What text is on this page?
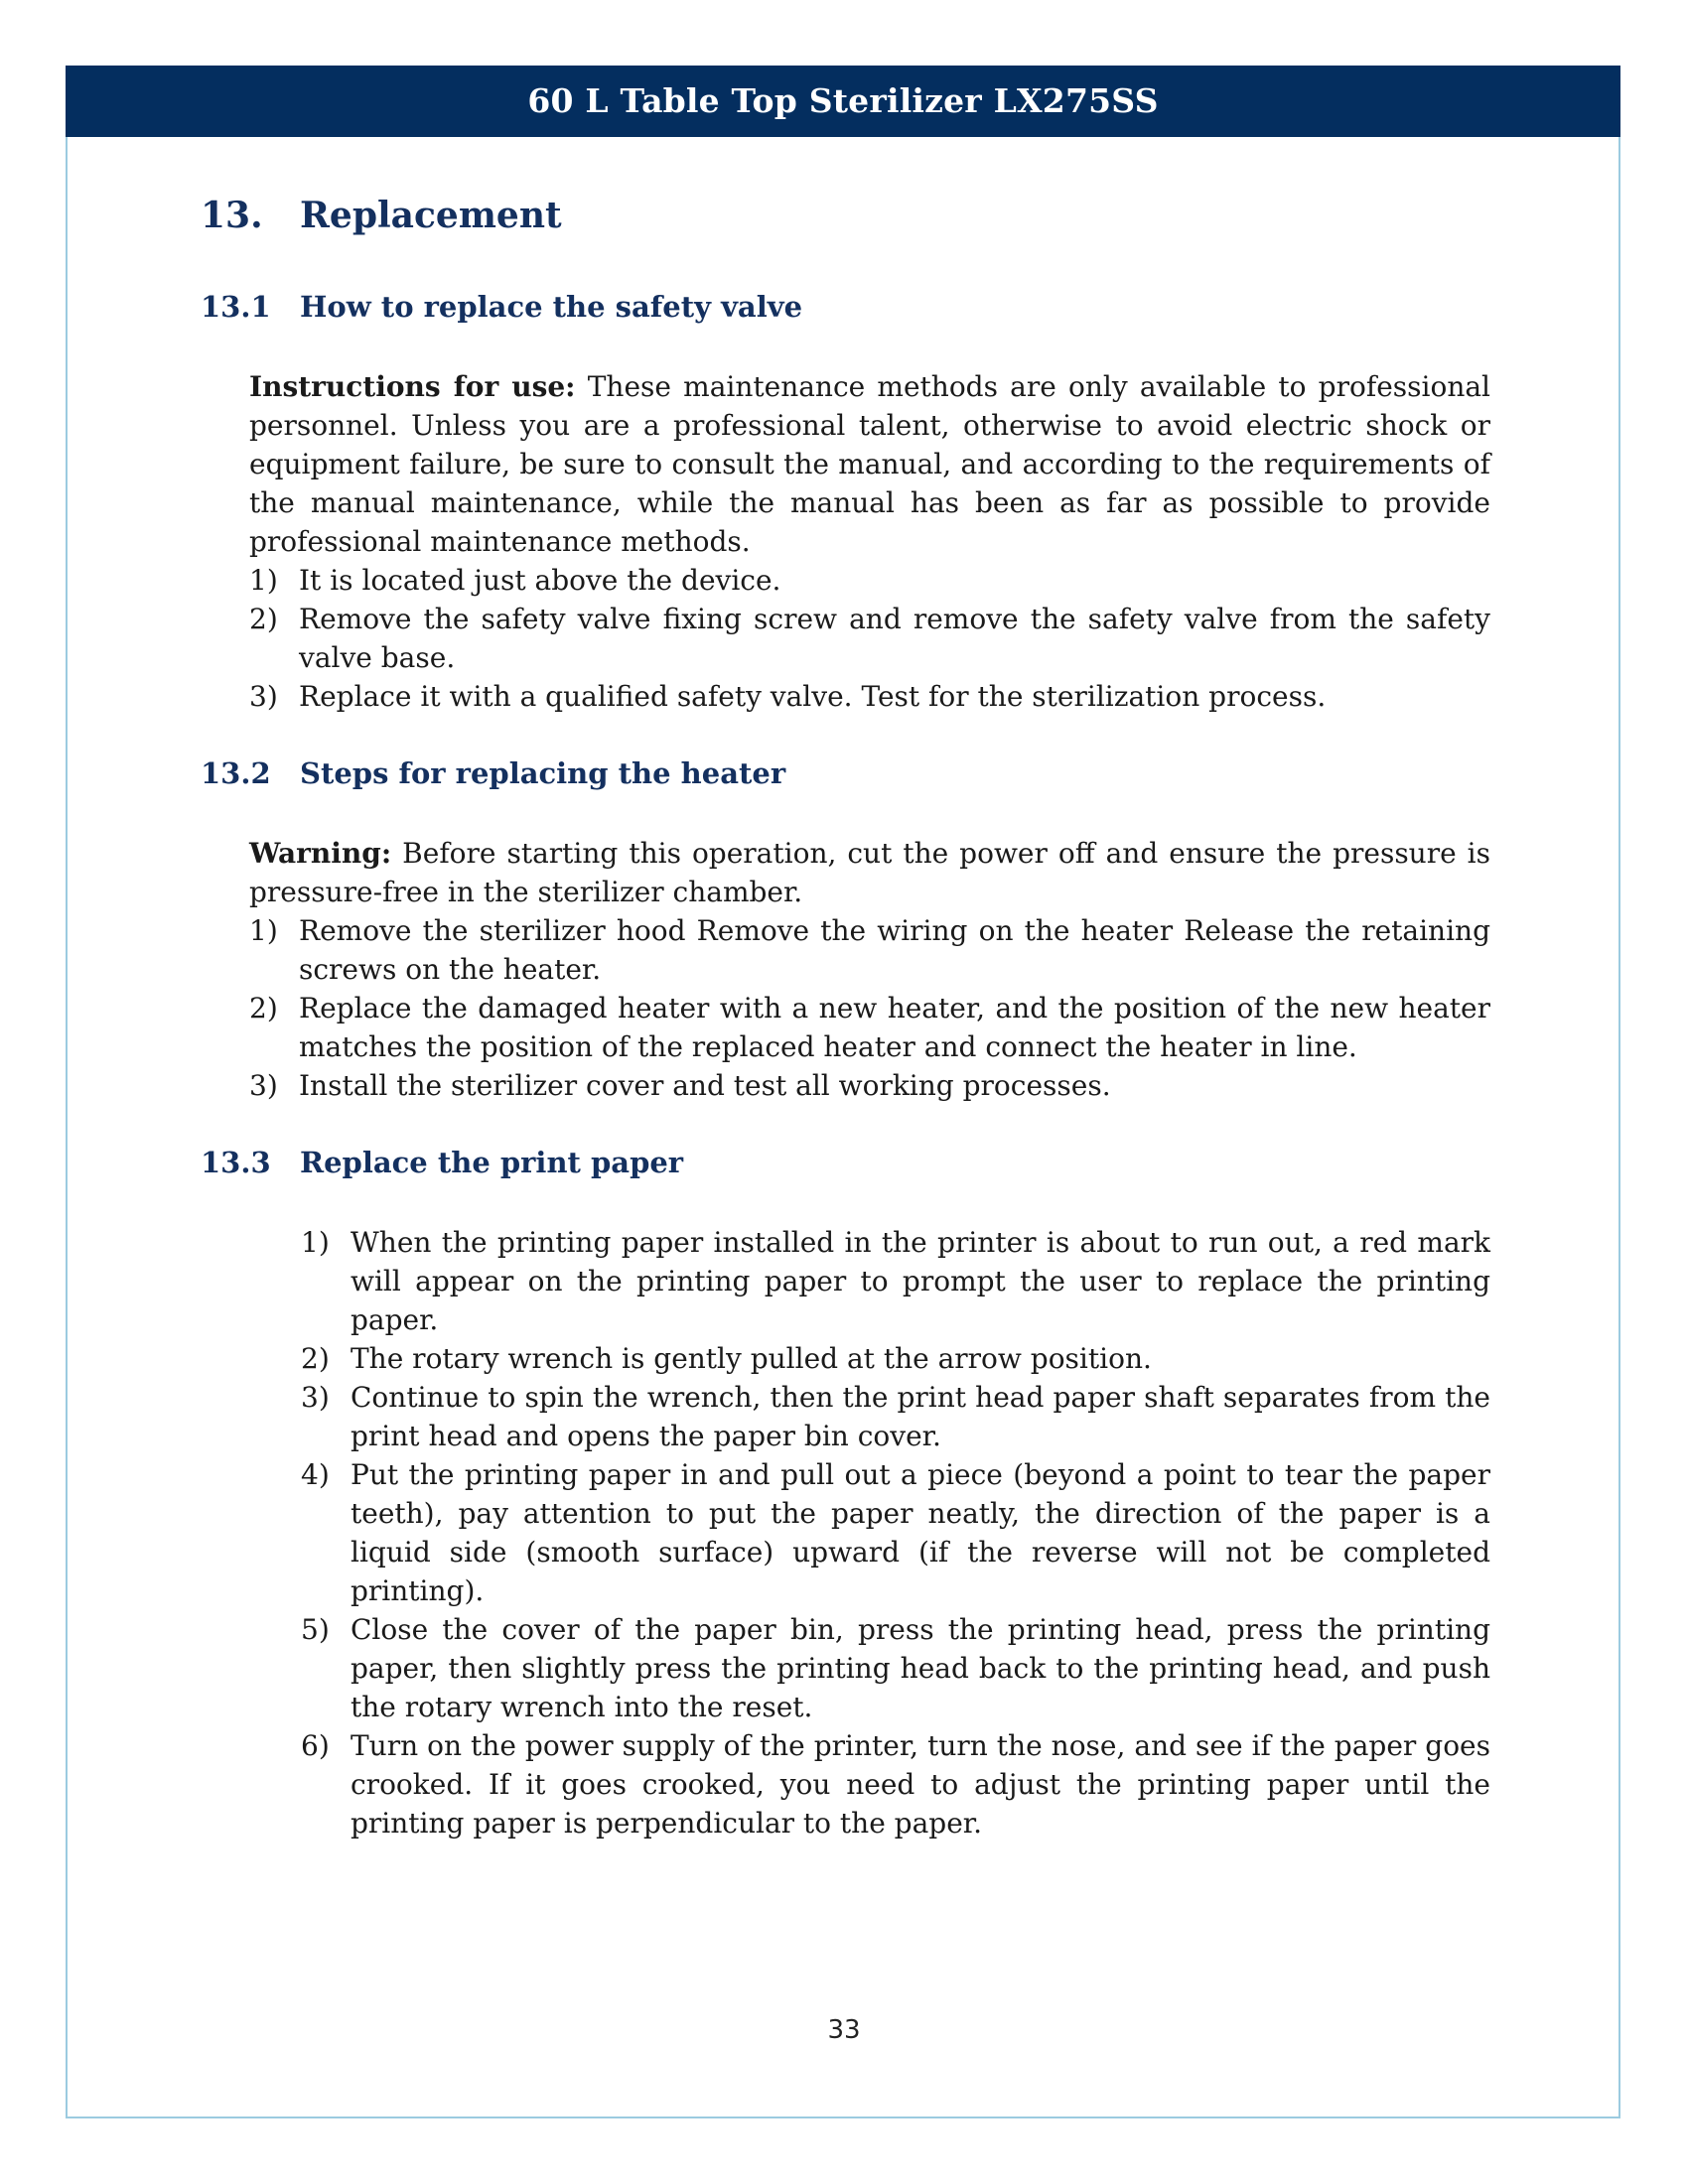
60 L Table Top Sterilizer LX275SS
13. Replacement
13.1 How to replace the safety valve
Instructions for use: These maintenance methods are only available to professional personnel. Unless you are a professional talent, otherwise to avoid electric shock or equipment failure, be sure to consult the manual, and according to the requirements of the manual maintenance, while the manual has been as far as possible to provide professional maintenance methods.
1) It is located just above the device.
2) Remove the safety valve fixing screw and remove the safety valve from the safety valve base.
3) Replace it with a qualified safety valve. Test for the sterilization process.
13.2 Steps for replacing the heater
Warning: Before starting this operation, cut the power off and ensure the pressure is pressure-free in the sterilizer chamber.
1) Remove the sterilizer hood Remove the wiring on the heater Release the retaining screws on the heater.
2) Replace the damaged heater with a new heater, and the position of the new heater matches the position of the replaced heater and connect the heater in line.
3) Install the sterilizer cover and test all working processes.
13.3 Replace the print paper
1) When the printing paper installed in the printer is about to run out, a red mark will appear on the printing paper to prompt the user to replace the printing paper.
2) The rotary wrench is gently pulled at the arrow position.
3) Continue to spin the wrench, then the print head paper shaft separates from the print head and opens the paper bin cover.
4) Put the printing paper in and pull out a piece (beyond a point to tear the paper teeth), pay attention to put the paper neatly, the direction of the paper is a liquid side (smooth surface) upward (if the reverse will not be completed printing).
5) Close the cover of the paper bin, press the printing head, press the printing paper, then slightly press the printing head back to the printing head, and push the rotary wrench into the reset.
6) Turn on the power supply of the printer, turn the nose, and see if the paper goes crooked. If it goes crooked, you need to adjust the printing paper until the printing paper is perpendicular to the paper.
33
